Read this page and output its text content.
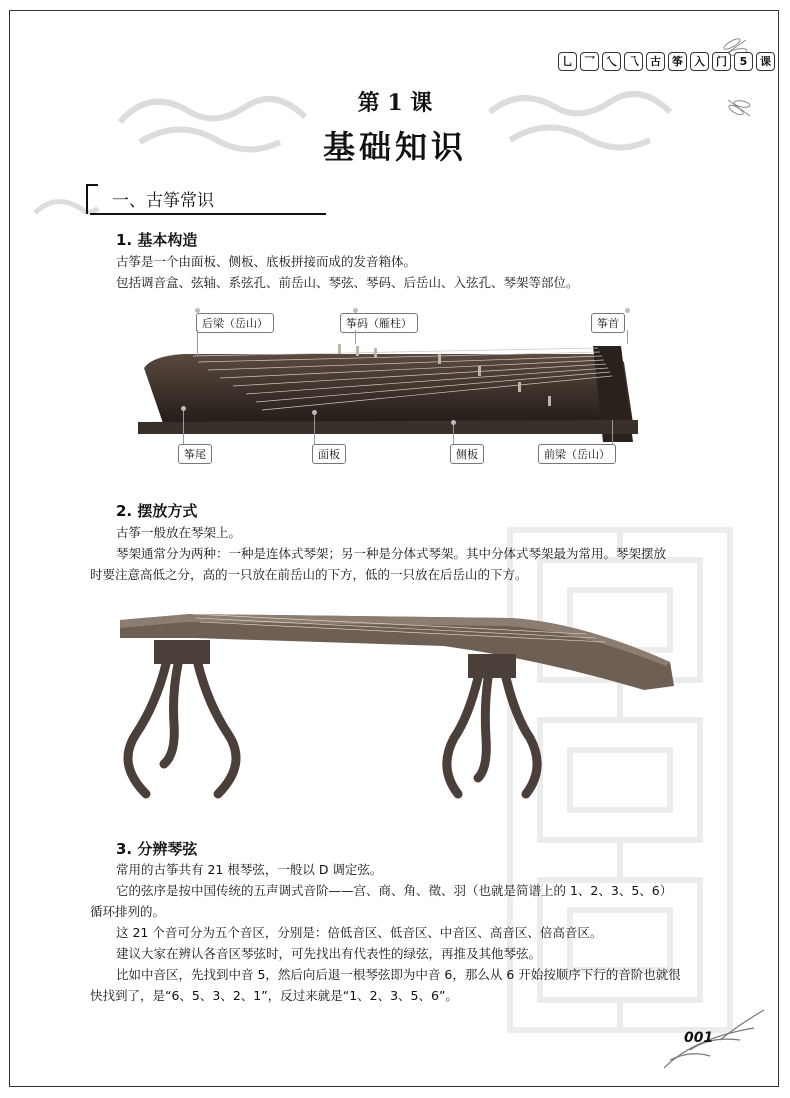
乚	乛	乀	乁	古	筝	入	门	5	课
第 1 课
基础知识
一、古筝常识
1. 基本构造
古筝是一个由面板、侧板、底板拼接而成的发音箱体。
包括调音盒、弦轴、系弦孔、前岳山、琴弦、琴码、后岳山、入弦孔、琴架等部位。
后梁（岳山）	筝码（雁柱）	筝首
筝尾	面板	侧板	前梁（岳山）
2. 摆放方式
古筝一般放在琴架上。
琴架通常分为两种：一种是连体式琴架；另一种是分体式琴架。其中分体式琴架最为常用。琴架摆放
时要注意高低之分，高的一只放在前岳山的下方，低的一只放在后岳山的下方。
3. 分辨琴弦
常用的古筝共有 21 根琴弦，一般以 D 调定弦。
它的弦序是按中国传统的五声调式音阶——宫、商、角、徵、羽（也就是简谱上的 1、2、3、5、6）
循环排列的。
这 21 个音可分为五个音区，分别是：倍低音区、低音区、中音区、高音区、倍高音区。
建议大家在辨认各音区琴弦时，可先找出有代表性的绿弦，再推及其他琴弦。
比如中音区，先找到中音 5，然后向后退一根琴弦即为中音 6，那么从 6 开始按顺序下行的音阶也就很
快找到了，是“6、5、3、2、1”，反过来就是“1、2、3、5、6”。
001
